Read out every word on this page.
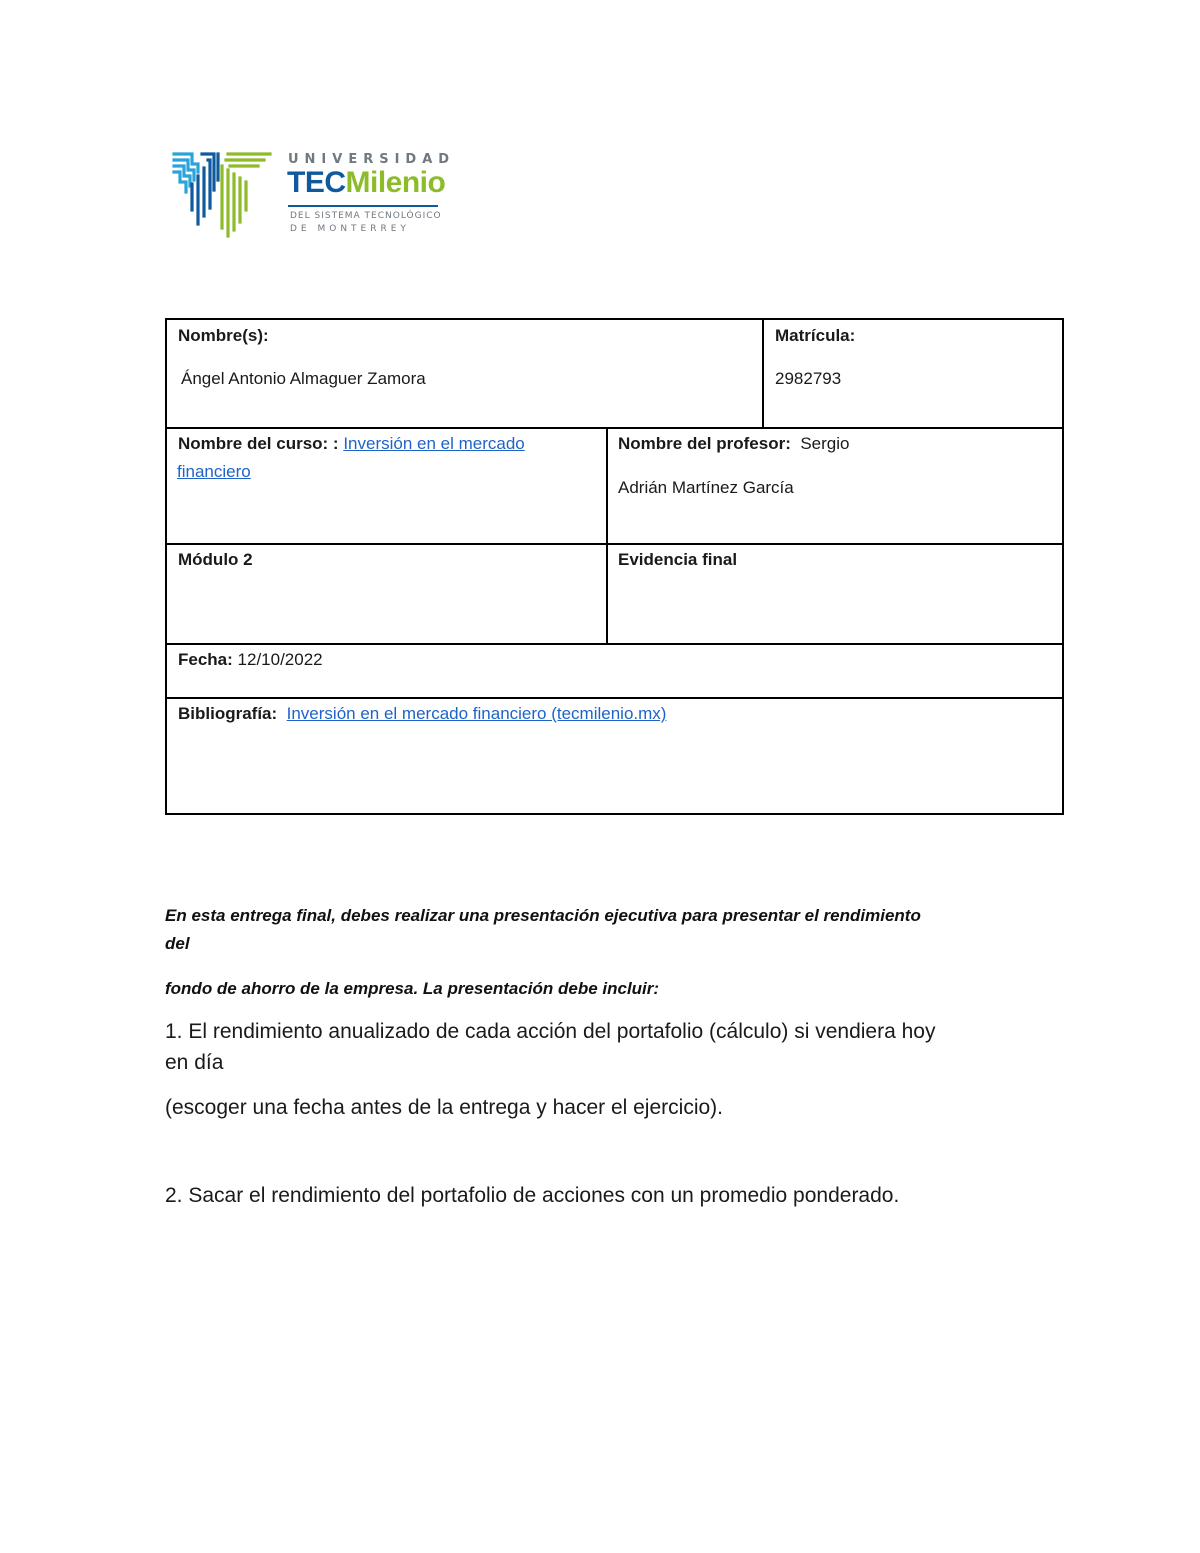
UNIVERSIDAD
TECMilenio
DEL SISTEMA TECNOLÓGICO
DE MONTERREY
Nombre(s):
Ángel Antonio Almaguer Zamora
Matrícula:
2982793
Nombre del curso: : Inversión en el mercado
financiero
Nombre del profesor: Sergio
Adrián Martínez García
Módulo 2	Evidencia final
Fecha: 12/10/2022
Bibliografía: Inversión en el mercado financiero (tecmilenio.mx)
En esta entrega final, debes realizar una presentación ejecutiva para presentar el rendimiento
del
fondo de ahorro de la empresa. La presentación debe incluir:
1. El rendimiento anualizado de cada acción del portafolio (cálculo) si vendiera hoy
en día
(escoger una fecha antes de la entrega y hacer el ejercicio).
2. Sacar el rendimiento del portafolio de acciones con un promedio ponderado.
